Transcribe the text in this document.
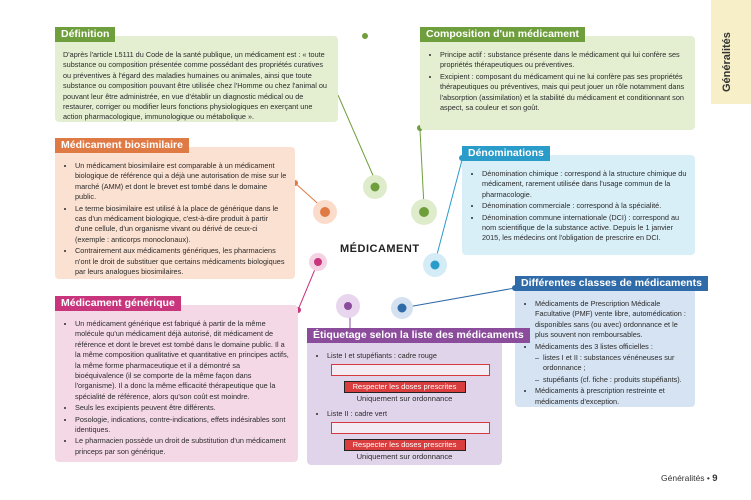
Généralités
MÉDICAMENT
Définition
D'après l'article L5111 du Code de la santé publique, un médicament est : « toute substance ou composition présentée comme possédant des propriétés curatives ou préventives à l'égard des maladies humaines ou animales, ainsi que toute substance ou composition pouvant être utilisée chez l'Homme ou chez l'animal ou pouvant leur être administrée, en vue d'établir un diagnostic médical ou de restaurer, corriger ou modifier leurs fonctions physiologiques en exerçant une action pharmacologique, immunologique ou métabolique ».
Médicament biosimilaire
• Un médicament biosimilaire est comparable à un médicament biologique de référence qui a déjà une autorisation de mise sur le marché (AMM) et dont le brevet est tombé dans le domaine public.
• Le terme biosimilaire est utilisé à la place de générique dans le cas d'un médicament biologique, c'est-à-dire produit à partir d'une cellule, d'un organisme vivant ou dérivé de ceux-ci (exemple : anticorps monoclonaux).
• Contrairement aux médicaments génériques, les pharmaciens n'ont le droit de substituer que certains médicaments biologiques par leurs analogues biosimilaires.
Médicament générique
• Un médicament générique est fabriqué à partir de la même molécule qu'un médicament déjà autorisé, dit médicament de référence et dont le brevet est tombé dans le domaine public. Il a la même composition qualitative et quantitative en principes actifs, la même forme pharmaceutique et il a démontré sa bioéquivalence (il se comporte de la même façon dans l'organisme). Il a donc la même efficacité thérapeutique que la spécialité de référence, alors qu'son coût est moindre.
• Seuls les excipients peuvent être différents.
• Posologie, indications, contre-indications, effets indésirables sont identiques.
• Le pharmacien possède un droit de substitution d'un médicament princeps par son générique.
Composition d'un médicament
• Principe actif : substance présente dans le médicament qui lui confère ses propriétés thérapeutiques ou préventives.
• Excipient : composant du médicament qui ne lui confère pas ses propriétés thérapeutiques ou préventives, mais qui peut jouer un rôle notamment dans l'absorption (assimilation) et la stabilité du médicament et conditionnant son aspect, sa couleur et son goût.
Dénominations
• Dénomination chimique : correspond à la structure chimique du médicament, rarement utilisée dans l'usage commun de la pharmacologie.
• Dénomination commerciale : correspond à la spécialité.
• Dénomination commune internationale (DCI) : correspond au nom scientifique de la substance active. Depuis le 1 janvier 2015, les médecins ont l'obligation de prescrire en DCI.
Différentes classes de médicaments
• Médicaments de Prescription Médicale Facultative (PMF) vente libre, automédication : disponibles sans (ou avec) ordonnance et le plus souvent non remboursables.
• Médicaments des 3 listes officielles :
– listes I et II : substances vénéneuses sur ordonnance ;
– stupéfiants (cf. fiche : produits stupéfiants).
• Médicaments à prescription restreinte et médicaments d'exception.
Étiquetage selon la liste des médicaments
• Liste I et stupéfiants : cadre rouge
Respecter les doses prescrites
Uniquement sur ordonnance
• Liste II : cadre vert
Respecter les doses prescrites
Uniquement sur ordonnance
Généralités • 9
